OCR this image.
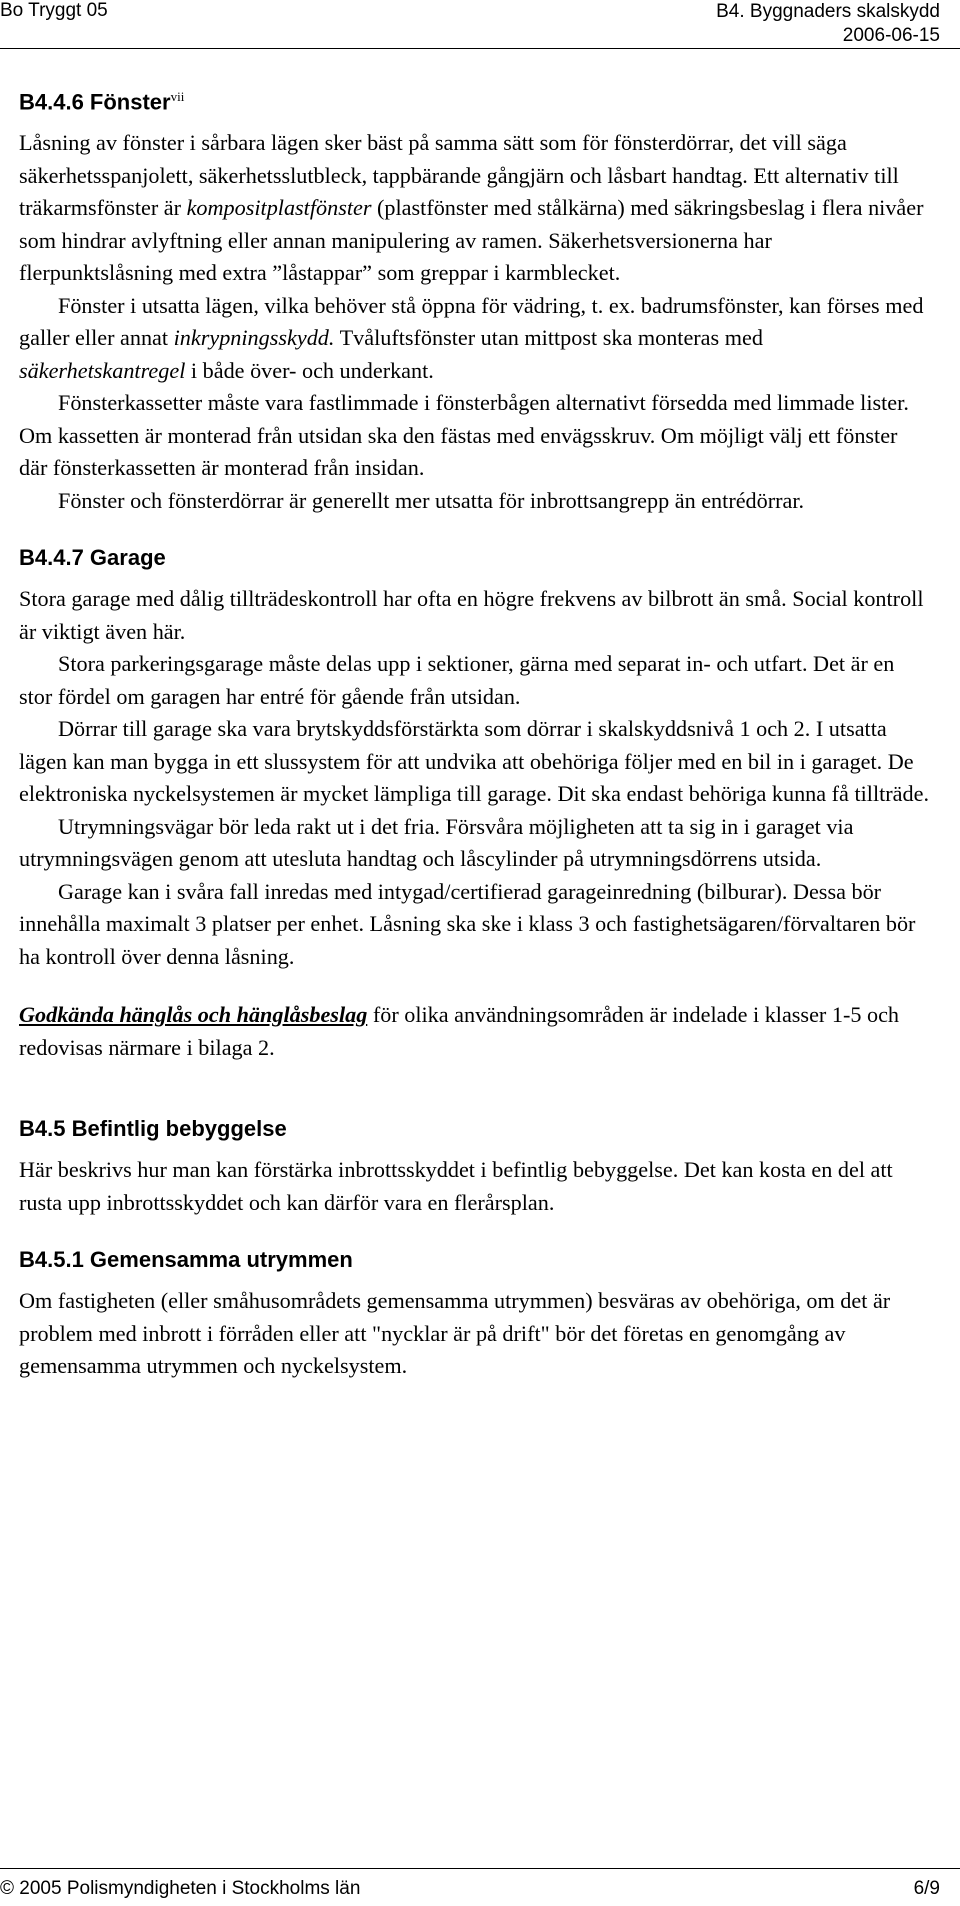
Bo Tryggt 05	B4. Byggnaders skalskydd
2006-06-15
B4.4.6 Fönster$^{vii}$

Låsning av fönster i sårbara lägen sker bäst på samma sätt som för fönsterdörrar, det vill säga säkerhetsspanjolett, säkerhetsslutbleck, tappbärande gångjärn och låsbart handtag. Ett alternativ till träkarmsfönster är kompositplastfönster (plastfönster med stålkärna) med säkringsbeslag i flera nivåer som hindrar avlyftning eller annan manipulering av ramen. Säkerhetsversionerna har flerpunktslåsning med extra ”låstappar” som greppar i karmblecket.

Fönster i utsatta lägen, vilka behöver stå öppna för vädring, t. ex. badrumsfönster, kan förses med galler eller annat inkrypningsskydd. Tvåluftsfönster utan mittpost ska monteras med säkerhetskantregel i både över- och underkant.

Fönsterkassetter måste vara fastlimmade i fönsterbågen alternativt försedda med limmade lister. Om kassetten är monterad från utsidan ska den fästas med envägsskruv. Om möjligt välj ett fönster där fönsterkassetten är monterad från insidan.

Fönster och fönsterdörrar är generellt mer utsatta för inbrottsangrepp än entrédörrar.

B4.4.7 Garage

Stora garage med dålig tillträdeskontroll har ofta en högre frekvens av bilbrott än små. Social kontroll är viktigt även här.

Stora parkeringsgarage måste delas upp i sektioner, gärna med separat in- och utfart. Det är en stor fördel om garagen har entré för gående från utsidan.

Dörrar till garage ska vara brytskyddsförstärkta som dörrar i skalskyddsnivå 1 och 2. I utsatta lägen kan man bygga in ett slussystem för att undvika att obehöriga följer med en bil in i garaget. De elektroniska nyckelsystemen är mycket lämpliga till garage. Dit ska endast behöriga kunna få tillträde.

Utrymningsvägar bör leda rakt ut i det fria. Försvåra möjligheten att ta sig in i garaget via utrymningsvägen genom att utesluta handtag och låscylinder på utrymningsdörrens utsida.

Garage kan i svåra fall inredas med intygad/certifierad garageinredning (bilburar). Dessa bör innehålla maximalt 3 platser per enhet. Låsning ska ske i klass 3 och fastighetsägaren/förvaltaren bör ha kontroll över denna låsning.

Godkända hänglås och hänglåsbeslag för olika användningsområden är indelade i klasser 1-5 och redovisas närmare i bilaga 2.

B4.5 Befintlig bebyggelse

Här beskrivs hur man kan förstärka inbrottsskyddet i befintlig bebyggelse. Det kan kosta en del att rusta upp inbrottsskyddet och kan därför vara en flerårsplan.

B4.5.1 Gemensamma utrymmen

Om fastigheten (eller småhusområdets gemensamma utrymmen) besväras av obehöriga, om det är problem med inbrott i förråden eller att "nycklar är på drift" bör det företas en genomgång av gemensamma utrymmen och nyckelsystem.

© 2005 Polismyndigheten i Stockholms län	6/9
